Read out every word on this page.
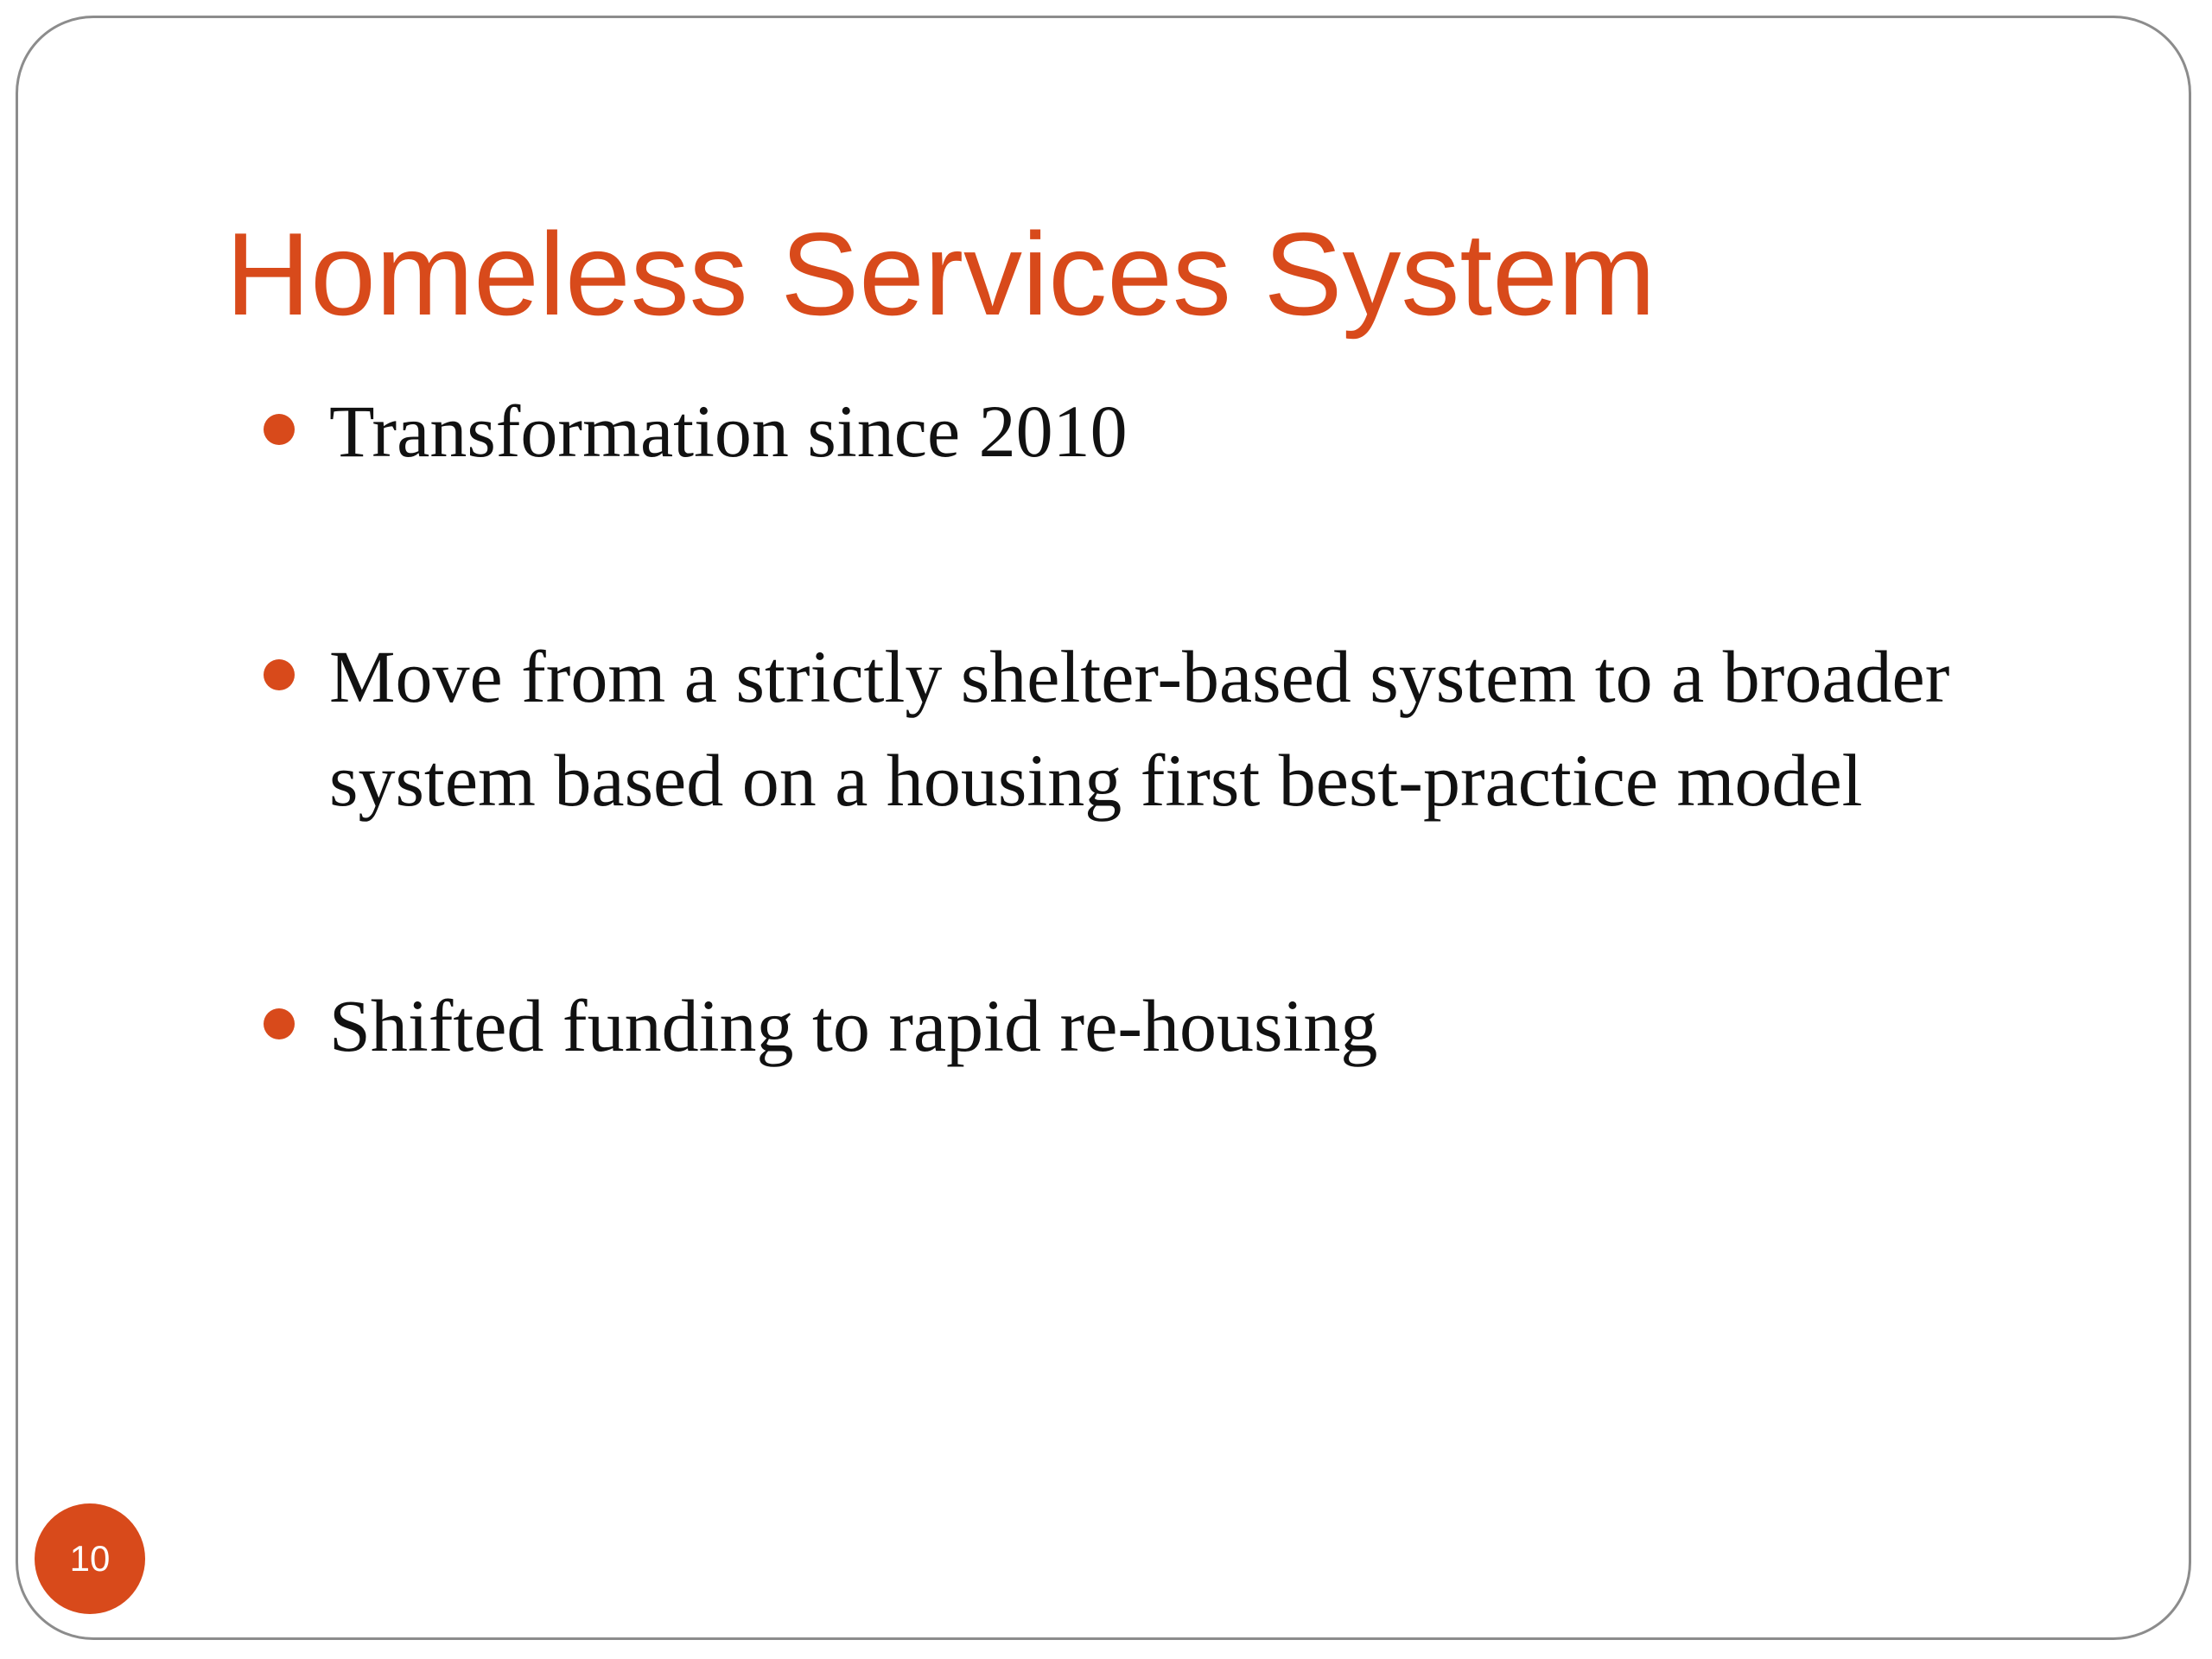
Homeless Services System
Transformation since 2010
Move from a strictly shelter-based system to a broader system based on a housing first best-practice model
Shifted funding to rapid re-housing
10
